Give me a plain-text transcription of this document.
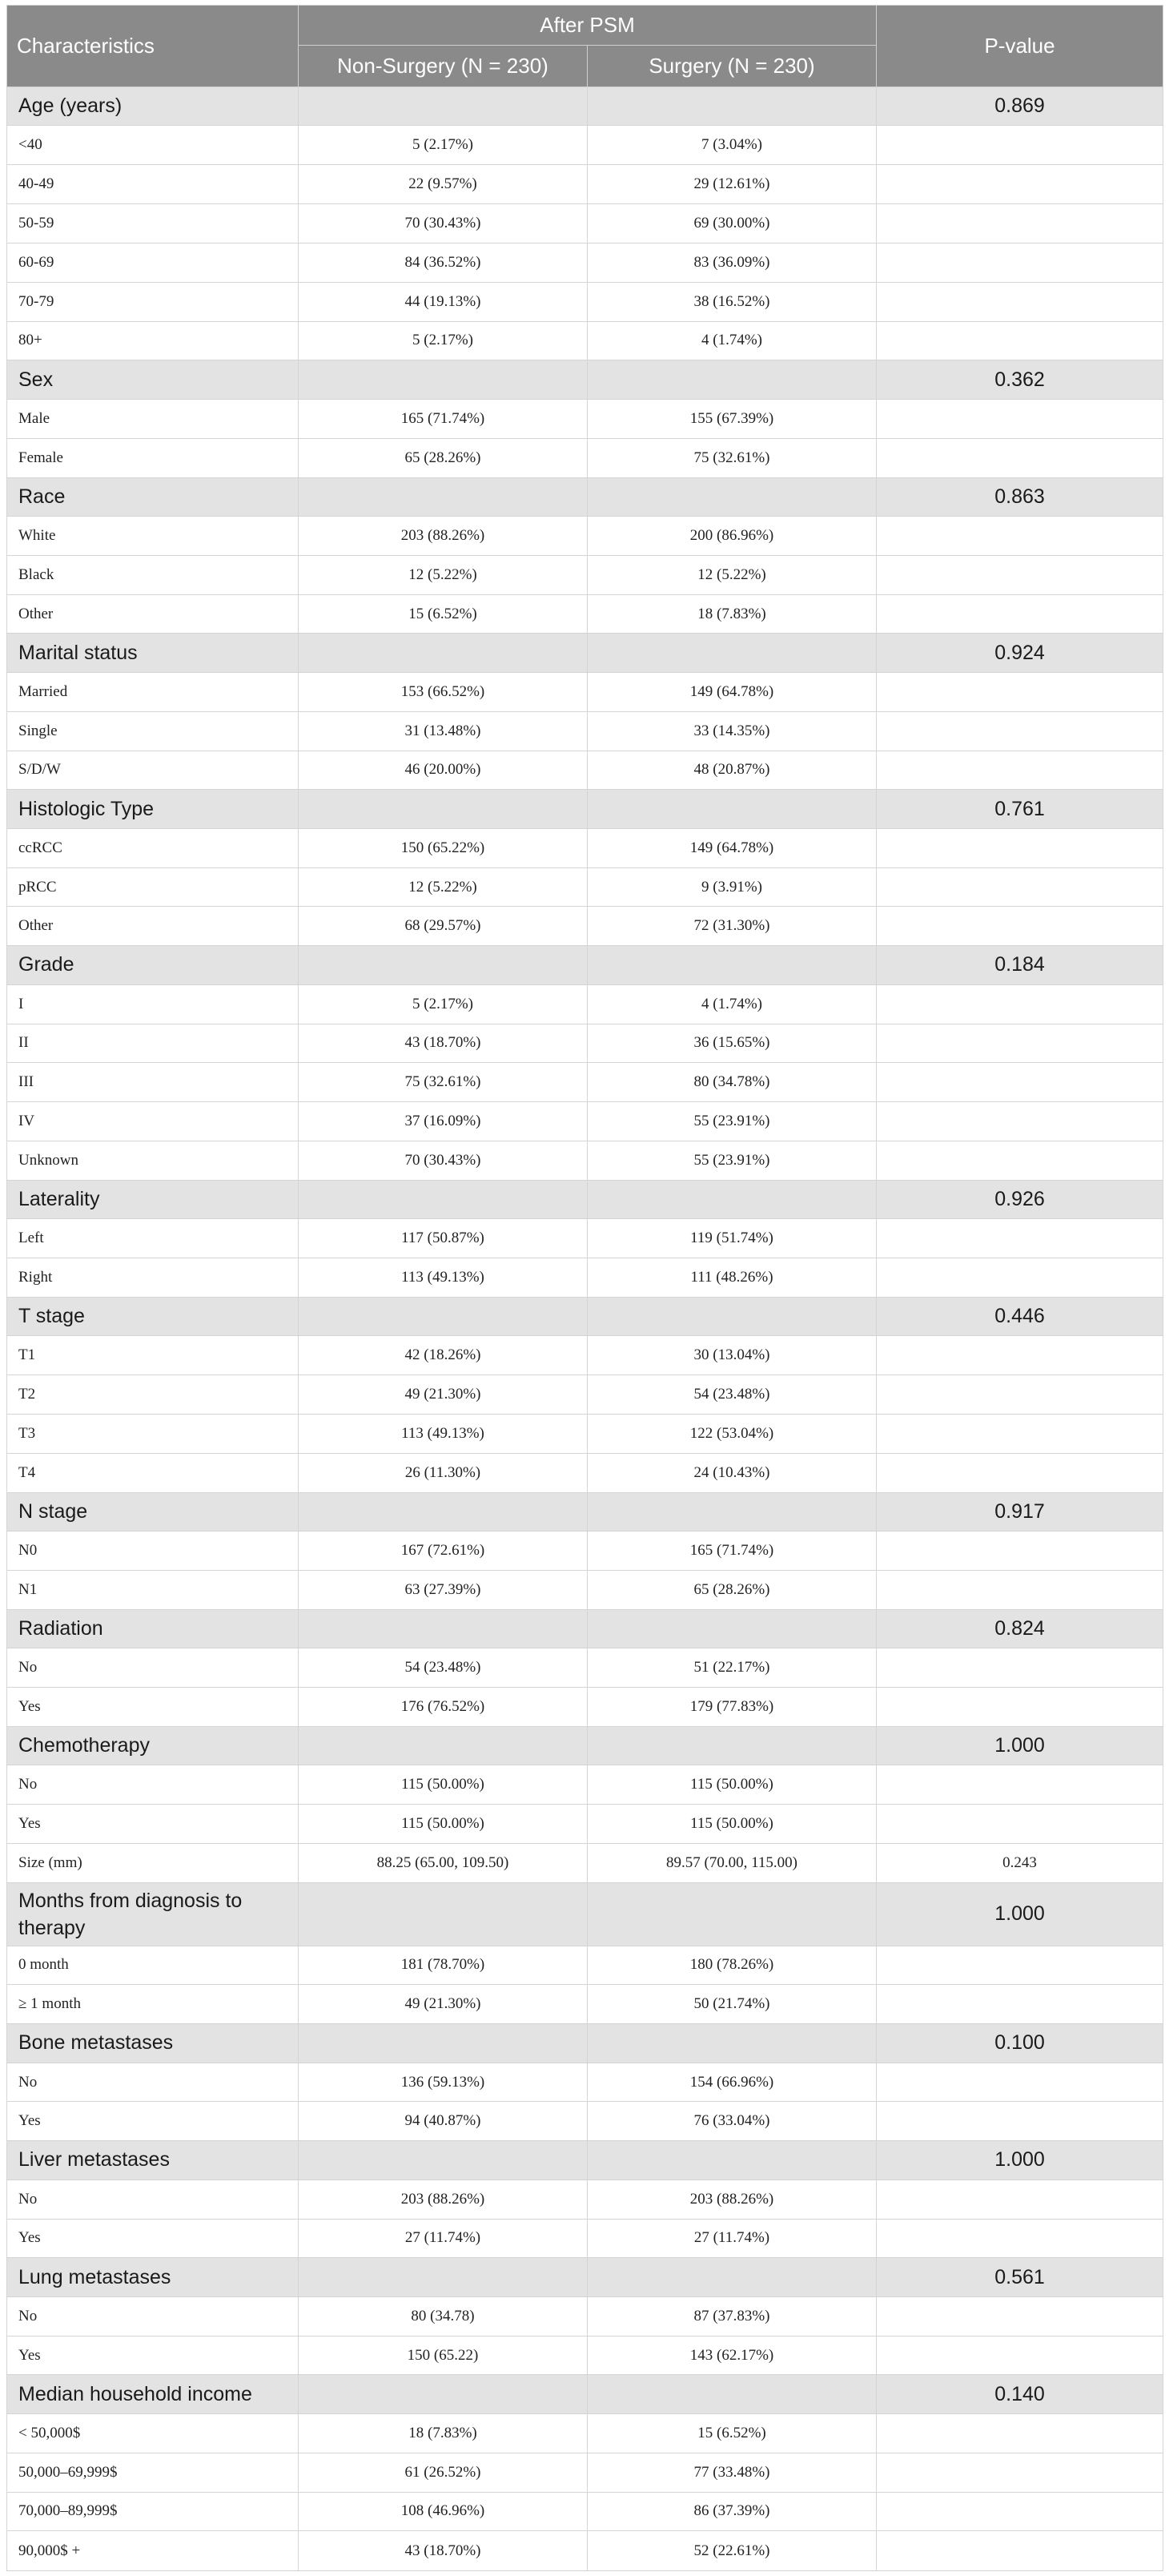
Characteristics	After PSM		P-value
	Non-Surgery (N = 230)	Surgery (N = 230)	
Age (years)			0.869
<40	5 (2.17%)	7 (3.04%)	
40-49	22 (9.57%)	29 (12.61%)	
50-59	70 (30.43%)	69 (30.00%)	
60-69	84 (36.52%)	83 (36.09%)	
70-79	44 (19.13%)	38 (16.52%)	
80+	5 (2.17%)	4 (1.74%)	
Sex			0.362
Male	165 (71.74%)	155 (67.39%)	
Female	65 (28.26%)	75 (32.61%)	
Race			0.863
White	203 (88.26%)	200 (86.96%)	
Black	12 (5.22%)	12 (5.22%)	
Other	15 (6.52%)	18 (7.83%)	
Marital status			0.924
Married	153 (66.52%)	149 (64.78%)	
Single	31 (13.48%)	33 (14.35%)	
S/D/W	46 (20.00%)	48 (20.87%)	
Histologic Type			0.761
ccRCC	150 (65.22%)	149 (64.78%)	
pRCC	12 (5.22%)	9 (3.91%)	
Other	68 (29.57%)	72 (31.30%)	
Grade			0.184
I	5 (2.17%)	4 (1.74%)	
II	43 (18.70%)	36 (15.65%)	
III	75 (32.61%)	80 (34.78%)	
IV	37 (16.09%)	55 (23.91%)	
Unknown	70 (30.43%)	55 (23.91%)	
Laterality			0.926
Left	117 (50.87%)	119 (51.74%)	
Right	113 (49.13%)	111 (48.26%)	
T stage			0.446
T1	42 (18.26%)	30 (13.04%)	
T2	49 (21.30%)	54 (23.48%)	
T3	113 (49.13%)	122 (53.04%)	
T4	26 (11.30%)	24 (10.43%)	
N stage			0.917
N0	167 (72.61%)	165 (71.74%)	
N1	63 (27.39%)	65 (28.26%)	
Radiation			0.824
No	54 (23.48%)	51 (22.17%)	
Yes	176 (76.52%)	179 (77.83%)	
Chemotherapy			1.000
No	115 (50.00%)	115 (50.00%)	
Yes	115 (50.00%)	115 (50.00%)	
Size (mm)	88.25 (65.00, 109.50)	89.57 (70.00, 115.00)	0.243
Months from diagnosis to therapy			1.000
0 month	181 (78.70%)	180 (78.26%)	
≥ 1 month	49 (21.30%)	50 (21.74%)	
Bone metastases			0.100
No	136 (59.13%)	154 (66.96%)	
Yes	94 (40.87%)	76 (33.04%)	
Liver metastases			1.000
No	203 (88.26%)	203 (88.26%)	
Yes	27 (11.74%)	27 (11.74%)	
Lung metastases			0.561
No	80 (34.78)	87 (37.83%)	
Yes	150 (65.22)	143 (62.17%)	
Median household income			0.140
< 50,000$	18 (7.83%)	15 (6.52%)	
50,000–69,999$	61 (26.52%)	77 (33.48%)	
70,000–89,999$	108 (46.96%)	86 (37.39%)	
90,000$ +	43 (18.70%)	52 (22.61%)	
